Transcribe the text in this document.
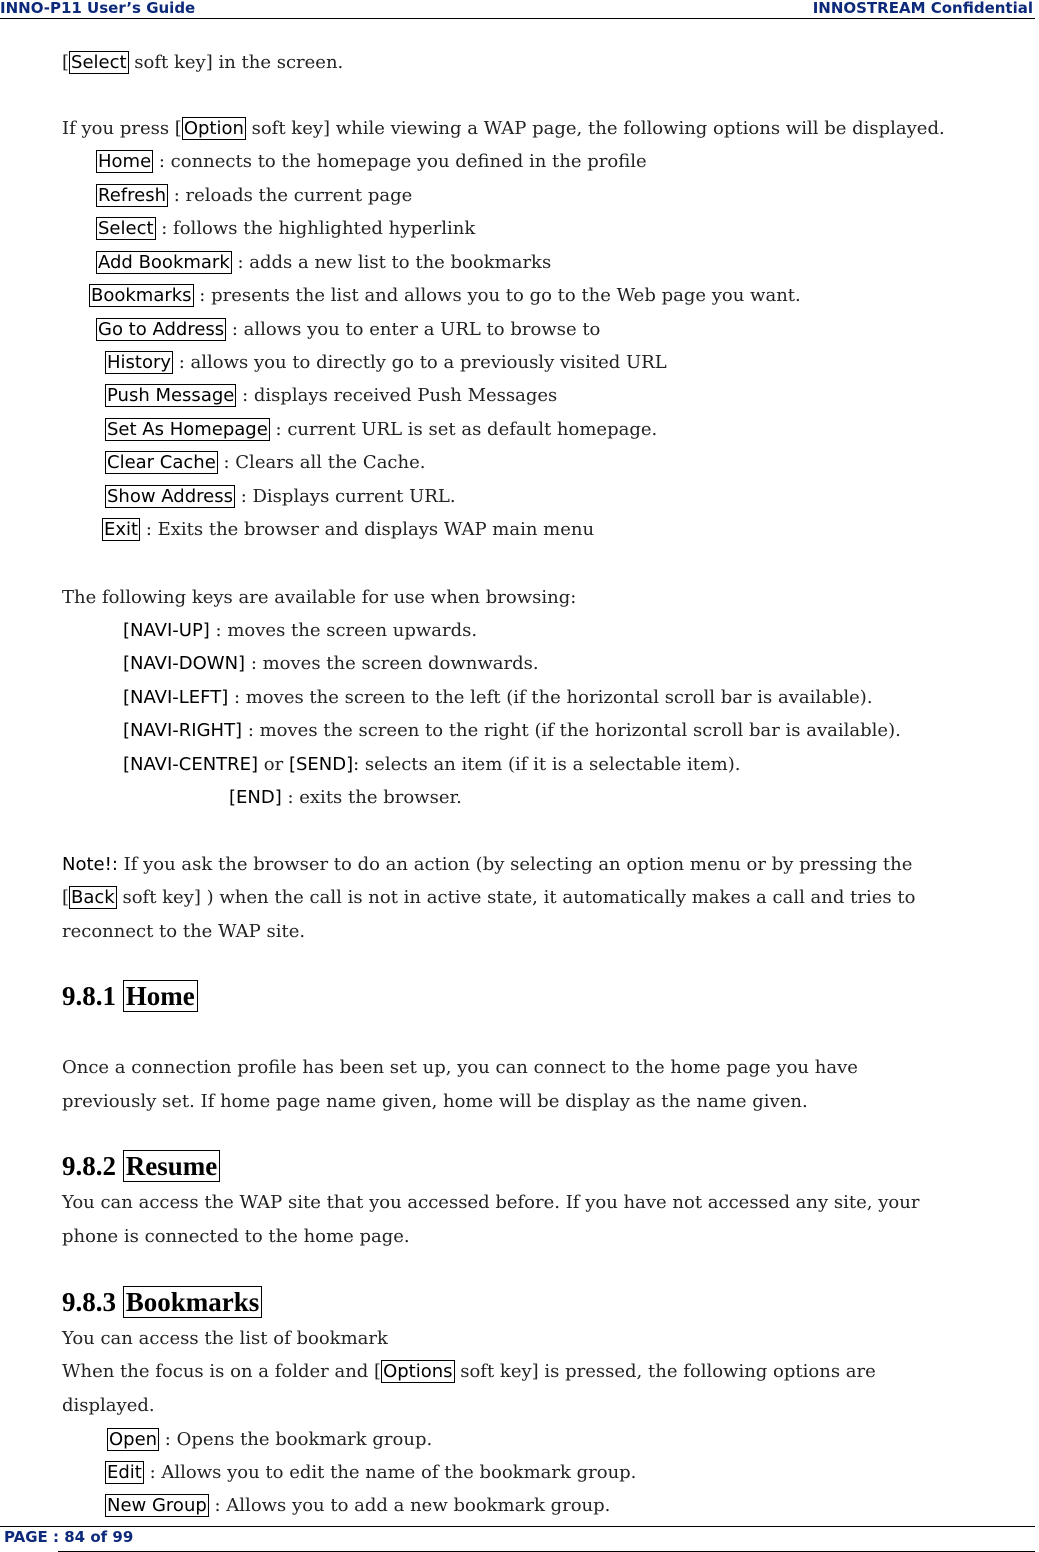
INNO-P11 User’s Guide	INNOSTREAM Confidential
[ Select soft key] in the screen.
If you press [ Option soft key] while viewing a WAP page, the following options will be displayed.
Home : connects to the homepage you defined in the profile
Refresh : reloads the current page
Select : follows the highlighted hyperlink
Add Bookmark : adds a new list to the bookmarks
Bookmarks : presents the list and allows you to go to the Web page you want.
Go to Address : allows you to enter a URL to browse to
History : allows you to directly go to a previously visited URL
Push Message : displays received Push Messages
Set As Homepage : current URL is set as default homepage.
Clear Cache : Clears all the Cache.
Show Address : Displays current URL.
Exit : Exits the browser and displays WAP main menu
The following keys are available for use when browsing:
[NAVI-UP] : moves the screen upwards.
[NAVI-DOWN] : moves the screen downwards.
[NAVI-LEFT] : moves the screen to the left (if the horizontal scroll bar is available).
[NAVI-RIGHT] : moves the screen to the right (if the horizontal scroll bar is available).
[NAVI-CENTRE] or [SEND]: selects an item (if it is a selectable item).
[END] : exits the browser.
Note!: If you ask the browser to do an action (by selecting an option menu or by pressing the
[ Back soft key] ) when the call is not in active state, it automatically makes a call and tries to
reconnect to the WAP site.
9.8.1 Home
Once a connection profile has been set up, you can connect to the home page you have
previously set. If home page name given, home will be display as the name given.
9.8.2 Resume
You can access the WAP site that you accessed before. If you have not accessed any site, your
phone is connected to the home page.
9.8.3 Bookmarks
You can access the list of bookmark
When the focus is on a folder and [ Options soft key] is pressed, the following options are
displayed.
Open : Opens the bookmark group.
Edit : Allows you to edit the name of the bookmark group.
New Group : Allows you to add a new bookmark group.
PAGE : 84 of 99
